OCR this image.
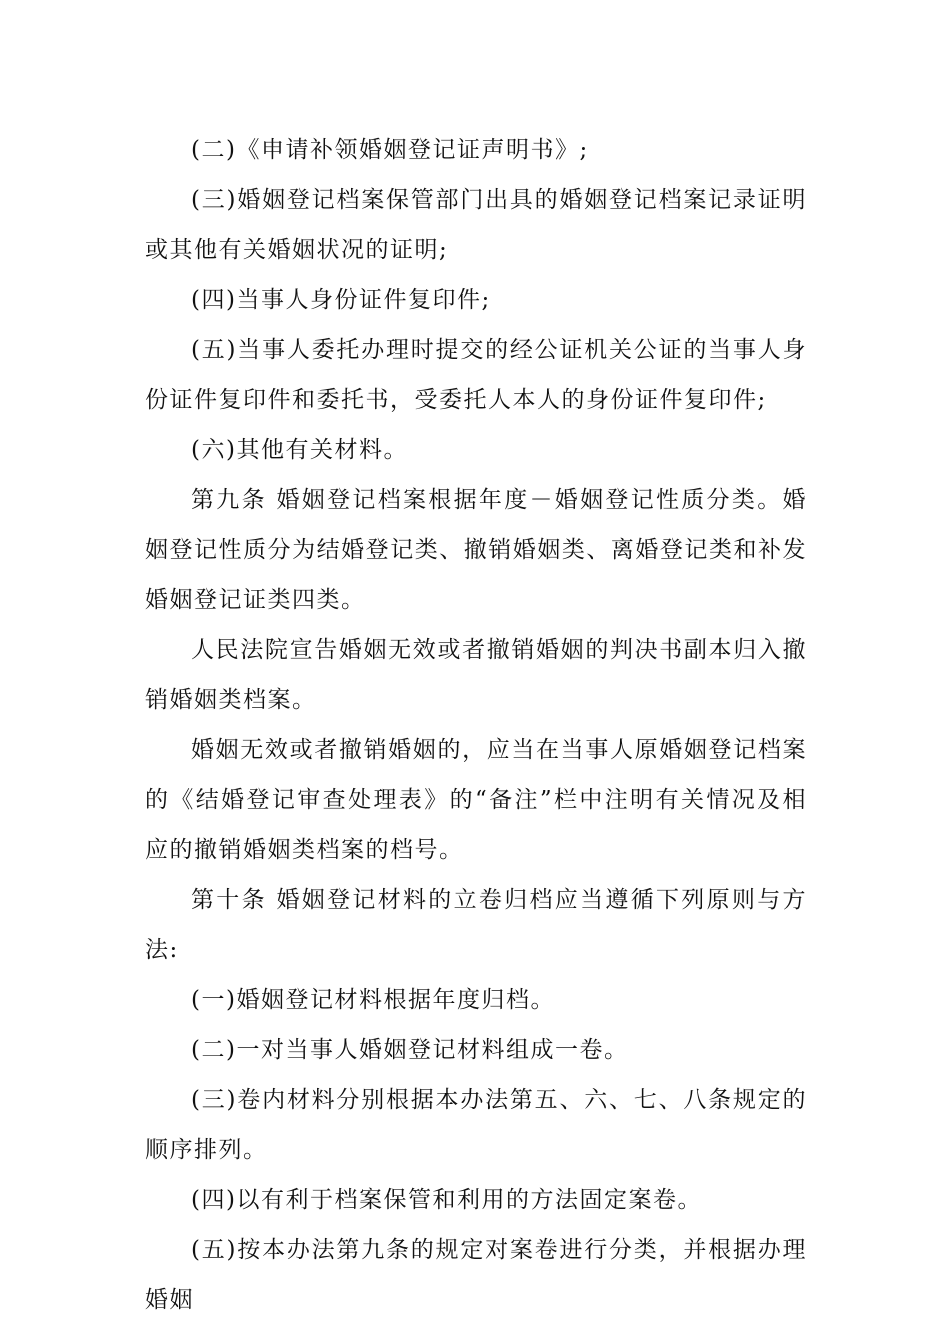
(二)《申请补领婚姻登记证声明书》;

(三)婚姻登记档案保管部门出具的婚姻登记档案记录证明或其他有关婚姻状况的证明;

(四)当事人身份证件复印件;

(五)当事人委托办理时提交的经公证机关公证的当事人身份证件复印件和委托书，受委托人本人的身份证件复印件;

(六)其他有关材料。

第九条 婚姻登记档案根据年度－婚姻登记性质分类。婚姻登记性质分为结婚登记类、撤销婚姻类、离婚登记类和补发婚姻登记证类四类。

人民法院宣告婚姻无效或者撤销婚姻的判决书副本归入撤销婚姻类档案。

婚姻无效或者撤销婚姻的，应当在当事人原婚姻登记档案的《结婚登记审查处理表》的“备注”栏中注明有关情况及相应的撤销婚姻类档案的档号。

第十条 婚姻登记材料的立卷归档应当遵循下列原则与方法:

(一)婚姻登记材料根据年度归档。

(二)一对当事人婚姻登记材料组成一卷。

(三)卷内材料分别根据本办法第五、六、七、八条规定的顺序排列。

(四)以有利于档案保管和利用的方法固定案卷。

(五)按本办法第九条的规定对案卷进行分类，并根据办理婚姻
